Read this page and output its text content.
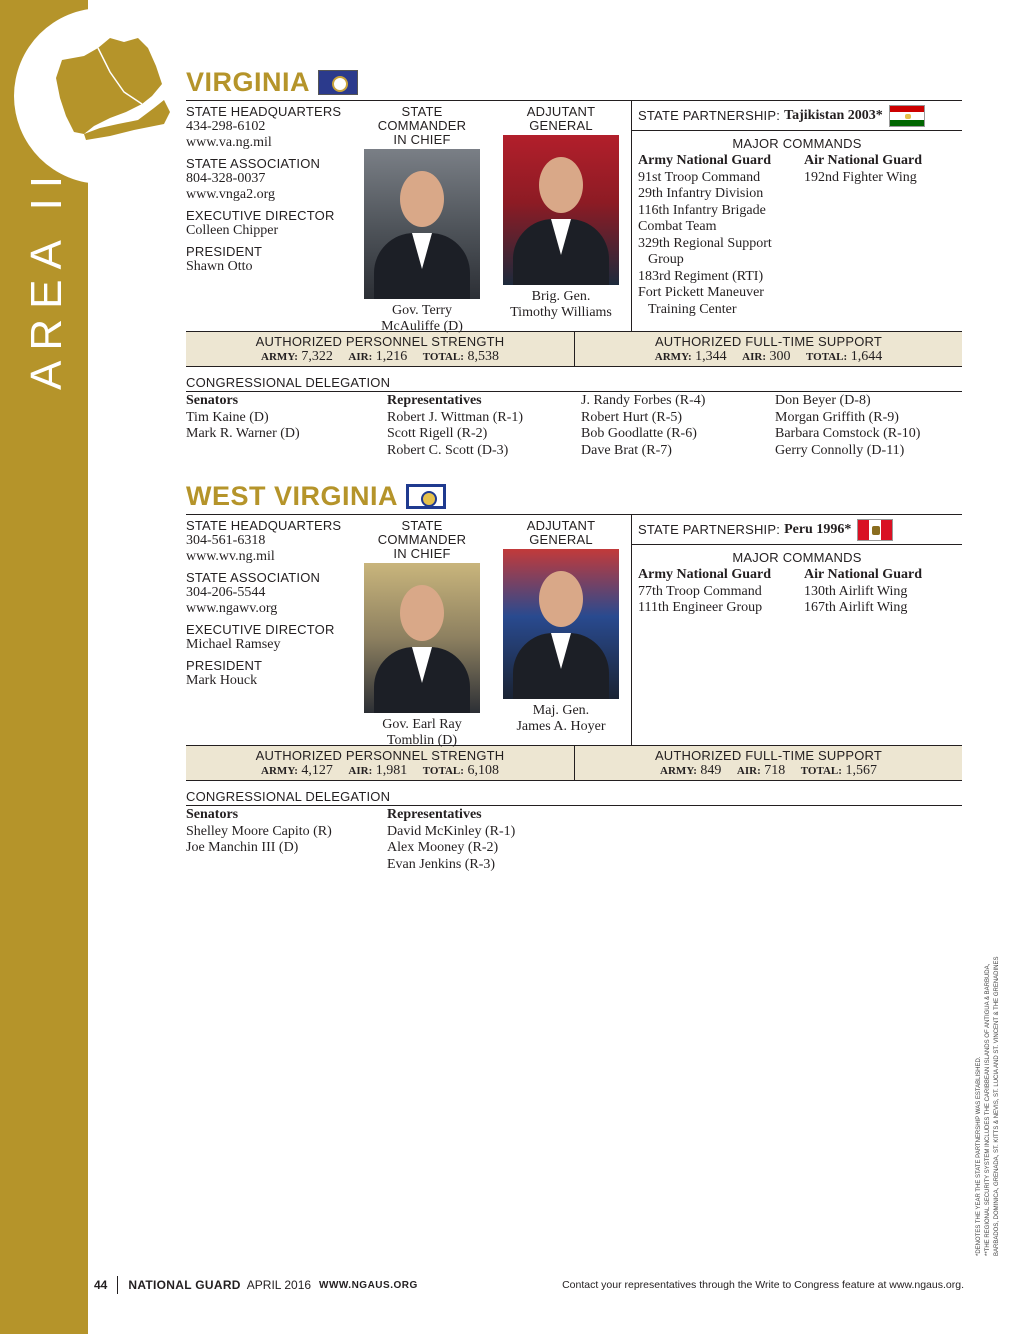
AREA II
VIRGINIA
STATE HEADQUARTERS
434-298-6102
www.va.ng.mil
STATE ASSOCIATION
804-328-0037
www.vnga2.org
EXECUTIVE DIRECTOR
Colleen Chipper
PRESIDENT
Shawn Otto
STATE COMMANDER
IN CHIEF
Gov. Terry
McAuliffe (D)
ADJUTANT
GENERAL
Brig. Gen.
Timothy Williams
STATE PARTNERSHIP: Tajikistan 2003*
MAJOR COMMANDS
Army National Guard
91st Troop Command
29th Infantry Division
116th Infantry Brigade
Combat Team
329th Regional Support
Group
183rd Regiment (RTI)
Fort Pickett Maneuver
Training Center
Air National Guard
192nd Fighter Wing
AUTHORIZED PERSONNEL STRENGTH
ARMY: 7,322 AIR: 1,216 TOTAL: 8,538
AUTHORIZED FULL-TIME SUPPORT
ARMY: 1,344 AIR: 300 TOTAL: 1,644
CONGRESSIONAL DELEGATION
Senators
Tim Kaine (D)
Mark R. Warner (D)
Representatives
Robert J. Wittman (R-1)
Scott Rigell (R-2)
Robert C. Scott (D-3)
J. Randy Forbes (R-4)
Robert Hurt (R-5)
Bob Goodlatte (R-6)
Dave Brat (R-7)
Don Beyer (D-8)
Morgan Griffith (R-9)
Barbara Comstock (R-10)
Gerry Connolly (D-11)
WEST VIRGINIA
STATE HEADQUARTERS
304-561-6318
www.wv.ng.mil
STATE ASSOCIATION
304-206-5544
www.ngawv.org
EXECUTIVE DIRECTOR
Michael Ramsey
PRESIDENT
Mark Houck
STATE COMMANDER
IN CHIEF
Gov. Earl Ray
Tomblin (D)
ADJUTANT
GENERAL
Maj. Gen.
James A. Hoyer
STATE PARTNERSHIP: Peru 1996*
MAJOR COMMANDS
Army National Guard
77th Troop Command
111th Engineer Group
Air National Guard
130th Airlift Wing
167th Airlift Wing
AUTHORIZED PERSONNEL STRENGTH
ARMY: 4,127 AIR: 1,981 TOTAL: 6,108
AUTHORIZED FULL-TIME SUPPORT
ARMY: 849 AIR: 718 TOTAL: 1,567
CONGRESSIONAL DELEGATION
Senators
Shelley Moore Capito (R)
Joe Manchin III (D)
Representatives
David McKinley (R-1)
Alex Mooney (R-2)
Evan Jenkins (R-3)
*DENOTES THE YEAR THE STATE PARTNERSHIP WAS ESTABLISHED. **THE REGIONAL SECURITY SYSTEM INCLUDES THE CARIBBEAN ISLANDS OF ANTIGUA & BARBUDA, BARBADOS, DOMINICA, GRENADA, ST. KITTS & NEVIS, ST. LUCIA AND ST. VINCENT & THE GRENADINES
44 NATIONAL GUARD APRIL 2016 WWW.NGAUS.ORG	Contact your representatives through the Write to Congress feature at www.ngaus.org.
